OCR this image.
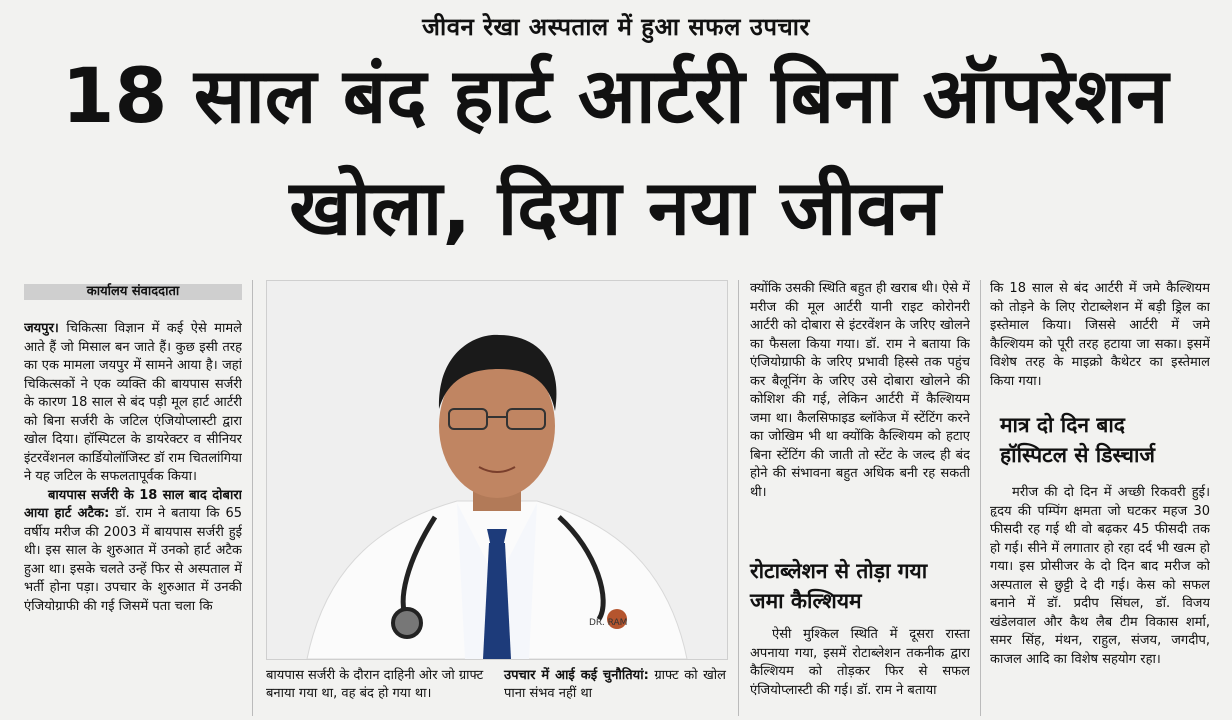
जीवन रेखा अस्पताल में हुआ सफल उपचार
18 साल बंद हार्ट आर्टरी बिना ऑपरेशन
खोला, दिया नया जीवन
कार्यालय संवाददाता

जयपुर। चिकित्सा विज्ञान में कई ऐसे मामले आते हैं जो मिसाल बन जाते हैं। कुछ इसी तरह का एक मामला जयपुर में सामने आया है। जहां चिकित्सकों ने एक व्यक्ति की बायपास सर्जरी के कारण 18 साल से बंद पड़ी मूल हार्ट आर्टरी को बिना सर्जरी के जटिल एंजियोप्लास्टी द्वारा खोल दिया। हॉस्पिटल के डायरेक्टर व सीनियर इंटरवेंशनल कार्डियोलॉजिस्ट डॉ राम चितलांगिया ने यह जटिल के सफलतापूर्वक किया।

बायपास सर्जरी के 18 साल बाद दोबारा आया हार्ट अटैक: डॉ. राम ने बताया कि 65 वर्षीय मरीज की 2003 में बायपास सर्जरी हुई थी। इस साल के शुरुआत में उनको हार्ट अटैक हुआ था। इसके चलते उन्हें फिर से अस्पताल में भर्ती होना पड़ा। उपचार के शुरुआत में उनकी एंजियोग्राफी की गई जिसमें पता चला कि

DR. RAM
बायपास सर्जरी के दौरान दाहिनी ओर जो ग्राफ्ट बनाया गया था, वह बंद हो गया था।
उपचार में आई कई चुनौतियां: ग्राफ्ट को खोल पाना संभव नहीं था

क्योंकि उसकी स्थिति बहुत ही खराब थी। ऐसे में मरीज की मूल आर्टरी यानी राइट कोरोनरी आर्टरी को दोबारा से इंटरवेंशन के जरिए खोलने का फैसला किया गया। डॉ. राम ने बताया कि एंजियोग्राफी के जरिए प्रभावी हिस्से तक पहुंच कर बैलूनिंग के जरिए उसे दोबारा खोलने की कोशिश की गई, लेकिन आर्टरी में कैल्शियम जमा था। कैलसिफाइड ब्लॉकेज में स्टेंटिंग करने का जोखिम भी था क्योंकि कैल्शियम को हटाए बिना स्टेंटिंग की जाती तो स्टेंट के जल्द ही बंद होने की संभावना बहुत अधिक बनी रह सकती थी।

रोटाब्लेशन से तोड़ा गया
जमा कैल्शियम

ऐसी मुश्किल स्थिति में दूसरा रास्ता अपनाया गया, इसमें रोटाब्लेशन तकनीक द्वारा कैल्शियम को तोड़कर फिर से सफल एंजियोप्लास्टी की गई। डॉ. राम ने बताया

कि 18 साल से बंद आर्टरी में जमे कैल्शियम को तोड़ने के लिए रोटाब्लेशन में बड़ी ड्रिल का इस्तेमाल किया। जिससे आर्टरी में जमे कैल्शियम को पूरी तरह हटाया जा सका। इसमें विशेष तरह के माइक्रो कैथेटर का इस्तेमाल किया गया।

मात्र दो दिन बाद
हॉस्पिटल से डिस्चार्ज

मरीज की दो दिन में अच्छी रिकवरी हुई। हृदय की पम्पिंग क्षमता जो घटकर महज 30 फीसदी रह गई थी वो बढ़कर 45 फीसदी तक हो गई। सीने में लगातार हो रहा दर्द भी खत्म हो गया। इस प्रोसीजर के दो दिन बाद मरीज को अस्पताल से छुट्टी दे दी गई। केस को सफल बनाने में डॉ. प्रदीप सिंघल, डॉ. विजय खंडेलवाल और कैथ लैब टीम विकास शर्मा, समर सिंह, मंथन, राहुल, संजय, जगदीप, काजल आदि का विशेष सहयोग रहा।
